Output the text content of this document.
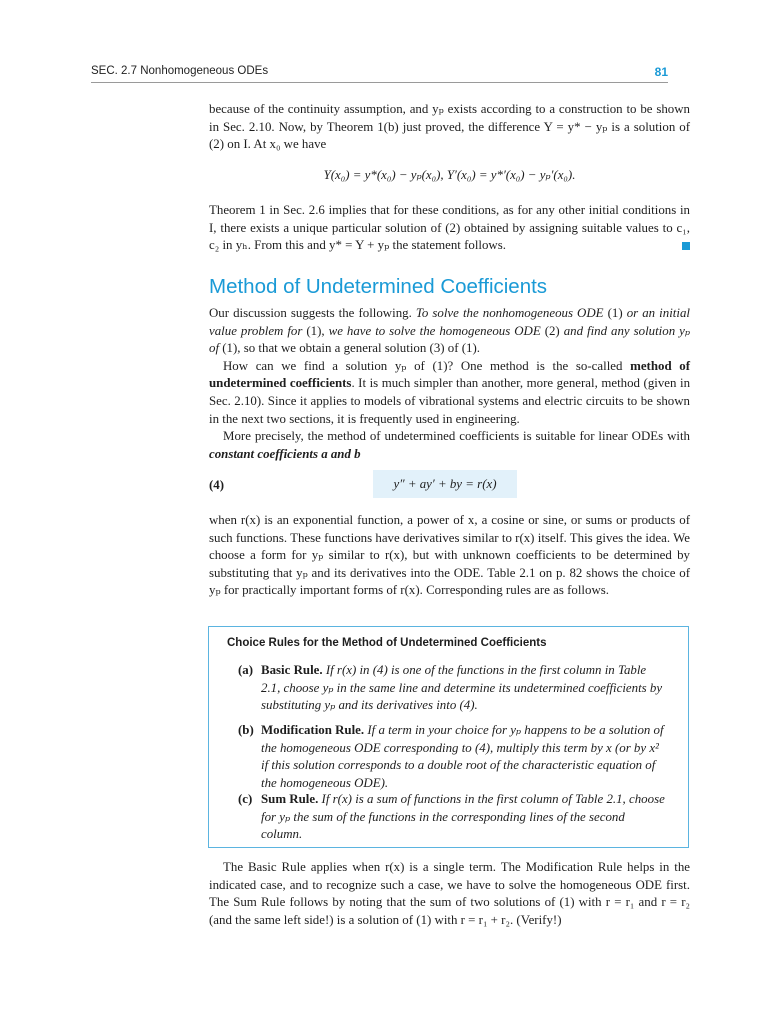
SEC. 2.7 Nonhomogeneous ODEs	81

because of the continuity assumption, and yₚ exists according to a construction to be shown in Sec. 2.10. Now, by Theorem 1(b) just proved, the difference Y = y* − yₚ is a solution of (2) on I. At x₀ we have

Y(x₀) = y*(x₀) − yₚ(x₀), Y′(x₀) = y*′(x₀) − yₚ′(x₀).

Theorem 1 in Sec. 2.6 implies that for these conditions, as for any other initial conditions in I, there exists a unique particular solution of (2) obtained by assigning suitable values to c₁, c₂ in yₕ. From this and y* = Y + yₚ the statement follows.

Method of Undetermined Coefficients

Our discussion suggests the following. To solve the nonhomogeneous ODE (1) or an initial value problem for (1), we have to solve the homogeneous ODE (2) and find any solution yₚ of (1), so that we obtain a general solution (3) of (1).

How can we find a solution yₚ of (1)? One method is the so-called method of undetermined coefficients. It is much simpler than another, more general, method (given in Sec. 2.10). Since it applies to models of vibrational systems and electric circuits to be shown in the next two sections, it is frequently used in engineering.

More precisely, the method of undetermined coefficients is suitable for linear ODEs with constant coefficients a and b

(4)	y″ + ay′ + by = r(x)

when r(x) is an exponential function, a power of x, a cosine or sine, or sums or products of such functions. These functions have derivatives similar to r(x) itself. This gives the idea. We choose a form for yₚ similar to r(x), but with unknown coefficients to be determined by substituting that yₚ and its derivatives into the ODE. Table 2.1 on p. 82 shows the choice of yₚ for practically important forms of r(x). Corresponding rules are as follows.

Choice Rules for the Method of Undetermined Coefficients
(a) Basic Rule. If r(x) in (4) is one of the functions in the first column in Table 2.1, choose yₚ in the same line and determine its undetermined coefficients by substituting yₚ and its derivatives into (4).
(b) Modification Rule. If a term in your choice for yₚ happens to be a solution of the homogeneous ODE corresponding to (4), multiply this term by x (or by x² if this solution corresponds to a double root of the characteristic equation of the homogeneous ODE).
(c) Sum Rule. If r(x) is a sum of functions in the first column of Table 2.1, choose for yₚ the sum of the functions in the corresponding lines of the second column.

The Basic Rule applies when r(x) is a single term. The Modification Rule helps in the indicated case, and to recognize such a case, we have to solve the homogeneous ODE first. The Sum Rule follows by noting that the sum of two solutions of (1) with r = r₁ and r = r₂ (and the same left side!) is a solution of (1) with r = r₁ + r₂. (Verify!)
